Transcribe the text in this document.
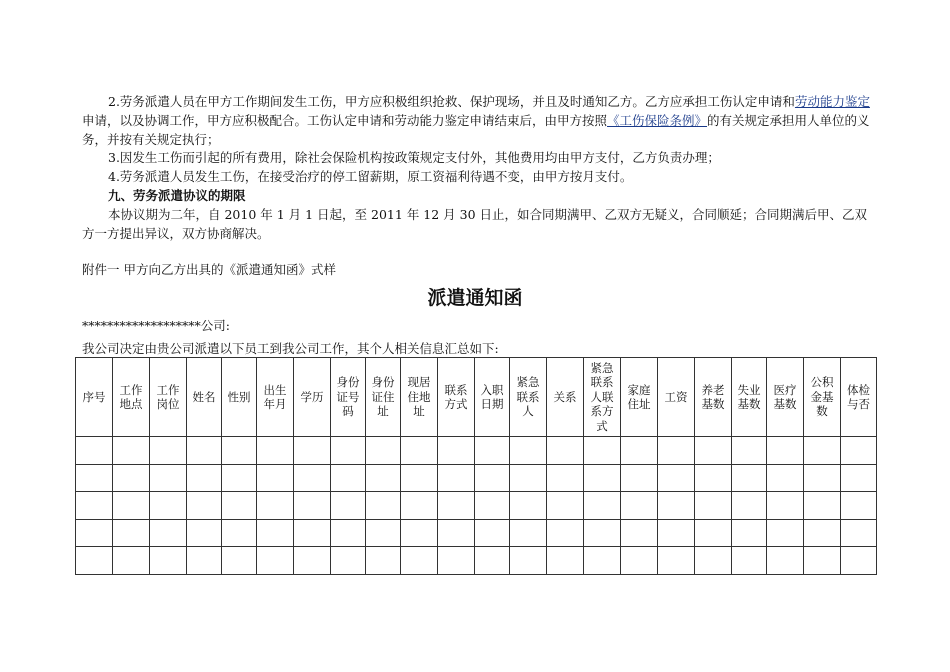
2.劳务派遣人员在甲方工作期间发生工伤，甲方应积极组织抢救、保护现场，并且及时通知乙方。乙方应承担工伤认定申请和劳动能力鉴定申请，以及协调工作，甲方应积极配合。工伤认定申请和劳动能力鉴定申请结束后，由甲方按照《工伤保险条例》的有关规定承担用人单位的义务，并按有关规定执行；

3.因发生工伤而引起的所有费用，除社会保险机构按政策规定支付外，其他费用均由甲方支付，乙方负责办理；

4.劳务派遣人员发生工伤，在接受治疗的停工留薪期，原工资福利待遇不变，由甲方按月支付。

九、劳务派遣协议的期限

本协议期为二年，自 2010 年 1 月 1 日起，至 2011 年 12 月 30 日止，如合同期满甲、乙双方无疑义，合同顺延；合同期满后甲、乙双方一方提出异议，双方协商解决。

附件一 甲方向乙方出具的《派遣通知函》式样
派遣通知函
*******************公司:
我公司决定由贵公司派遣以下员工到我公司工作，其个人相关信息汇总如下:
序号	工作地点	工作岗位	姓名	性别	出生年月	学历	身份证号码	身份证住址	现居住地址	联系方式	入职日期	紧急联系人	关系	紧急联系人联系方式	家庭住址	工资	养老基数	失业基数	医疗基数	公积金基数	体检与否
